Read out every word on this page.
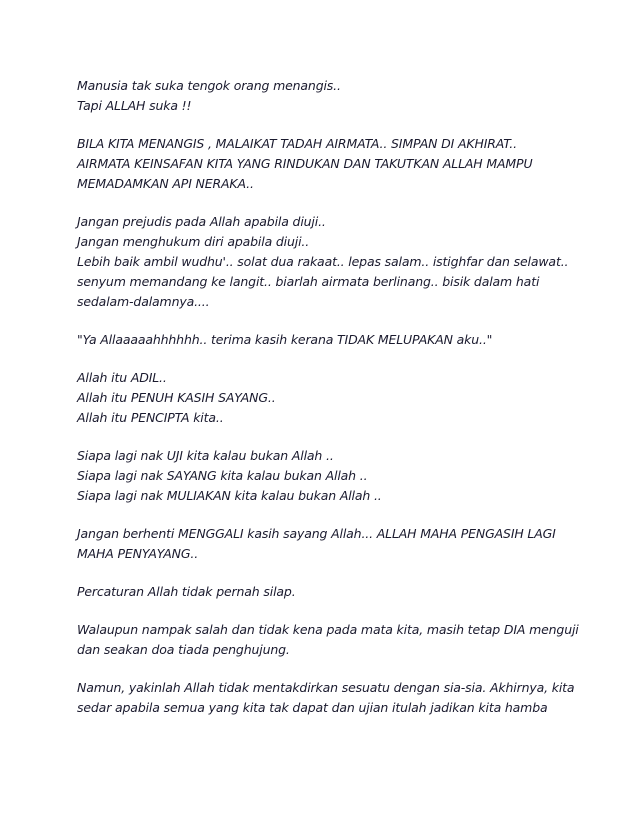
Manusia tak suka tengok orang menangis..
Tapi ALLAH suka !!
BILA KITA MENANGIS , MALAIKAT TADAH AIRMATA.. SIMPAN DI AKHIRAT..
AIRMATA KEINSAFAN KITA YANG RINDUKAN DAN TAKUTKAN ALLAH MAMPU
MEMADAMKAN API NERAKA..
Jangan prejudis pada Allah apabila diuji..
Jangan menghukum diri apabila diuji..
Lebih baik ambil wudhu'.. solat dua rakaat.. lepas salam.. istighfar dan selawat..
senyum memandang ke langit.. biarlah airmata berlinang.. bisik dalam hati
sedalam-dalamnya....
"Ya Allaaaaahhhhhh.. terima kasih kerana TIDAK MELUPAKAN aku.."
Allah itu ADIL..
Allah itu PENUH KASIH SAYANG..
Allah itu PENCIPTA kita..
Siapa lagi nak UJI kita kalau bukan Allah ..
Siapa lagi nak SAYANG kita kalau bukan Allah ..
Siapa lagi nak MULIAKAN kita kalau bukan Allah ..
Jangan berhenti MENGGALI kasih sayang Allah... ALLAH MAHA PENGASIH LAGI
MAHA PENYAYANG..
Percaturan Allah tidak pernah silap.
Walaupun nampak salah dan tidak kena pada mata kita, masih tetap DIA menguji
dan seakan doa tiada penghujung.
Namun, yakinlah Allah tidak mentakdirkan sesuatu dengan sia-sia. Akhirnya, kita
sedar apabila semua yang kita tak dapat dan ujian itulah jadikan kita hamba
